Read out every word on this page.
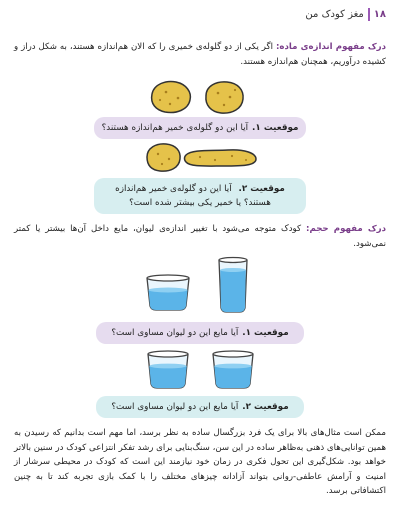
۱۸
مغز کودک من
درک مفهوم اندازه‌ی ماده: اگر یکی از دو گلوله‌ی خمیری را که الان هم‌اندازه هستند، به شکل دراز و کشیده درآوریم، همچنان هم‌اندازه هستند.
موقعیت ۱.
آیا این دو گلوله‌ی خمیر هم‌اندازه هستند؟
موقعیت ۲. آیا این دو گلوله‌ی خمیر هم‌اندازه
هستند؟ یا خمیر یکی بیشتر شده است؟
درک مفهوم حجم: کودک متوجه می‌شود با تغییر اندازه‌ی لیوان، مایع داخل آن‌ها بیشتر یا کمتر نمی‌شود.
موقعیت ۱.
آیا مایع این دو لیوان مساوی است؟
موقعیت ۲.
آیا مایع این دو لیوان مساوی است؟
ممکن است مثال‌های بالا برای یک فرد بزرگسال ساده به نظر برسد، اما مهم است بدانیم که رسیدن به همین توانایی‌های ذهنی به‌ظاهر ساده در این سن، سنگ‌بنایی برای رشد تفکر انتزاعی کودک در سنین بالاتر خواهد بود. شکل‌گیری این تحول فکری در زمان خود نیازمند این است که کودک در محیطی سرشار از امنیت و آرامش عاطفی-روانی بتواند آزادانه چیزهای مختلف را با کمک بازی تجربه کند تا به چنین اکتشافاتی برسد.
